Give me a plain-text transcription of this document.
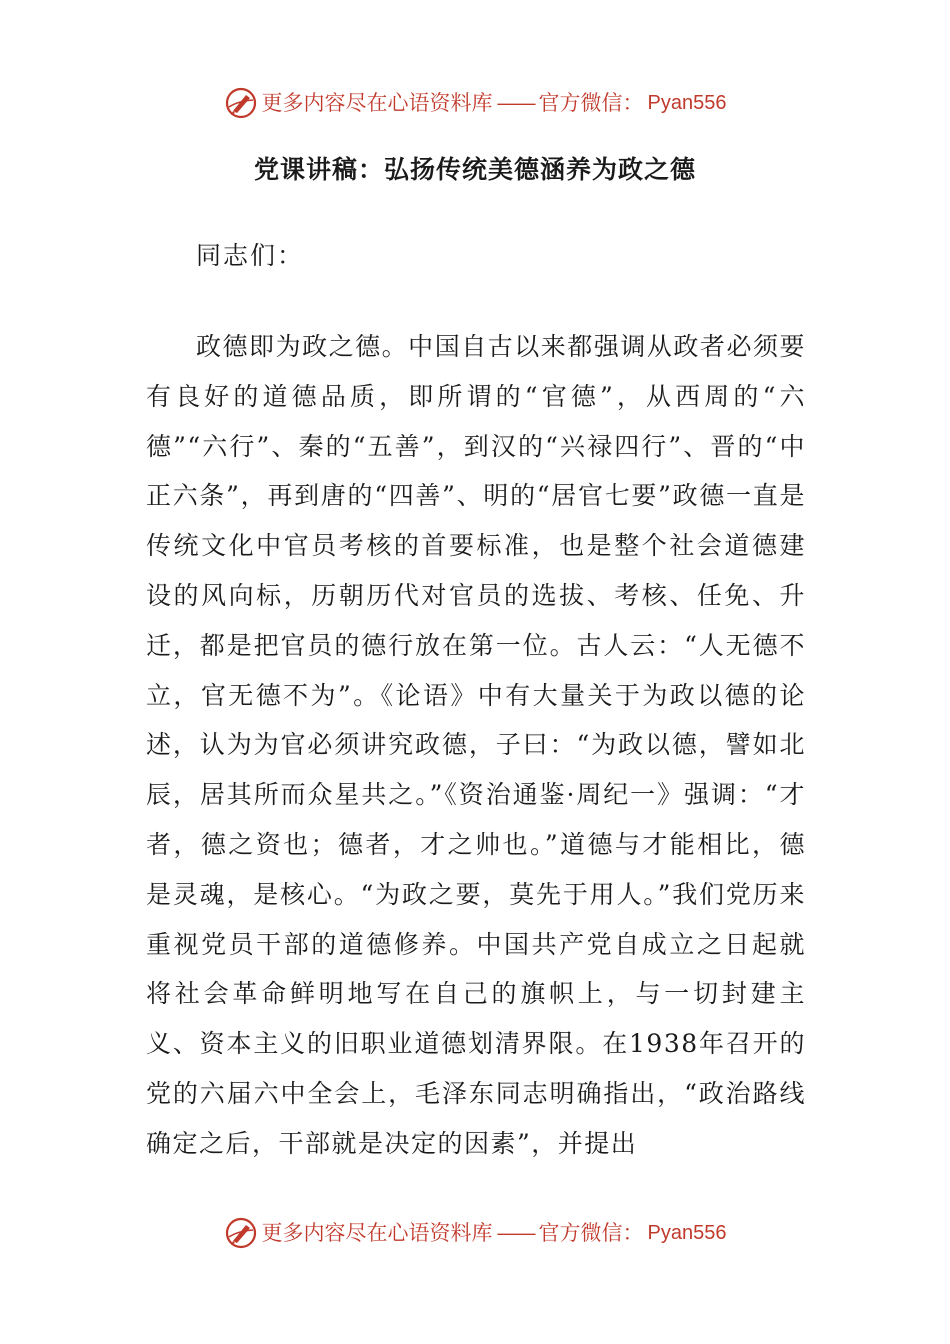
更多内容尽在心语资料库 —— 官方微信： Pyan556
党课讲稿：弘扬传统美德涵养为政之德
同志们：

政德即为政之德。中国自古以来都强调从政者必须要有良好的道德品质，即所谓的“官德”，从西周的“六德”“六行”、秦的“五善”，到汉的“兴禄四行”、晋的“中正六条”，再到唐的“四善”、明的“居官七要”政德一直是传统文化中官员考核的首要标准，也是整个社会道德建设的风向标，历朝历代对官员的选拔、考核、任免、升迁，都是把官员的德行放在第一位。古人云：“人无德不立，官无德不为”。《论语》中有大量关于为政以德的论述，认为为官必须讲究政德，子曰：“为政以德，譬如北辰，居其所而众星共之。”《资治通鉴·周纪一》强调：“才者，德之资也；德者，才之帅也。”道德与才能相比，德是灵魂，是核心。“为政之要，莫先于用人。”我们党历来重视党员干部的道德修养。中国共产党自成立之日起就将社会革命鲜明地写在自己的旗帜上，与一切封建主义、资本主义的旧职业道德划清界限。在1938年召开的党的六届六中全会上，毛泽东同志明确指出，“政治路线确定之后，干部就是决定的因素”，并提出

更多内容尽在心语资料库 —— 官方微信： Pyan556
